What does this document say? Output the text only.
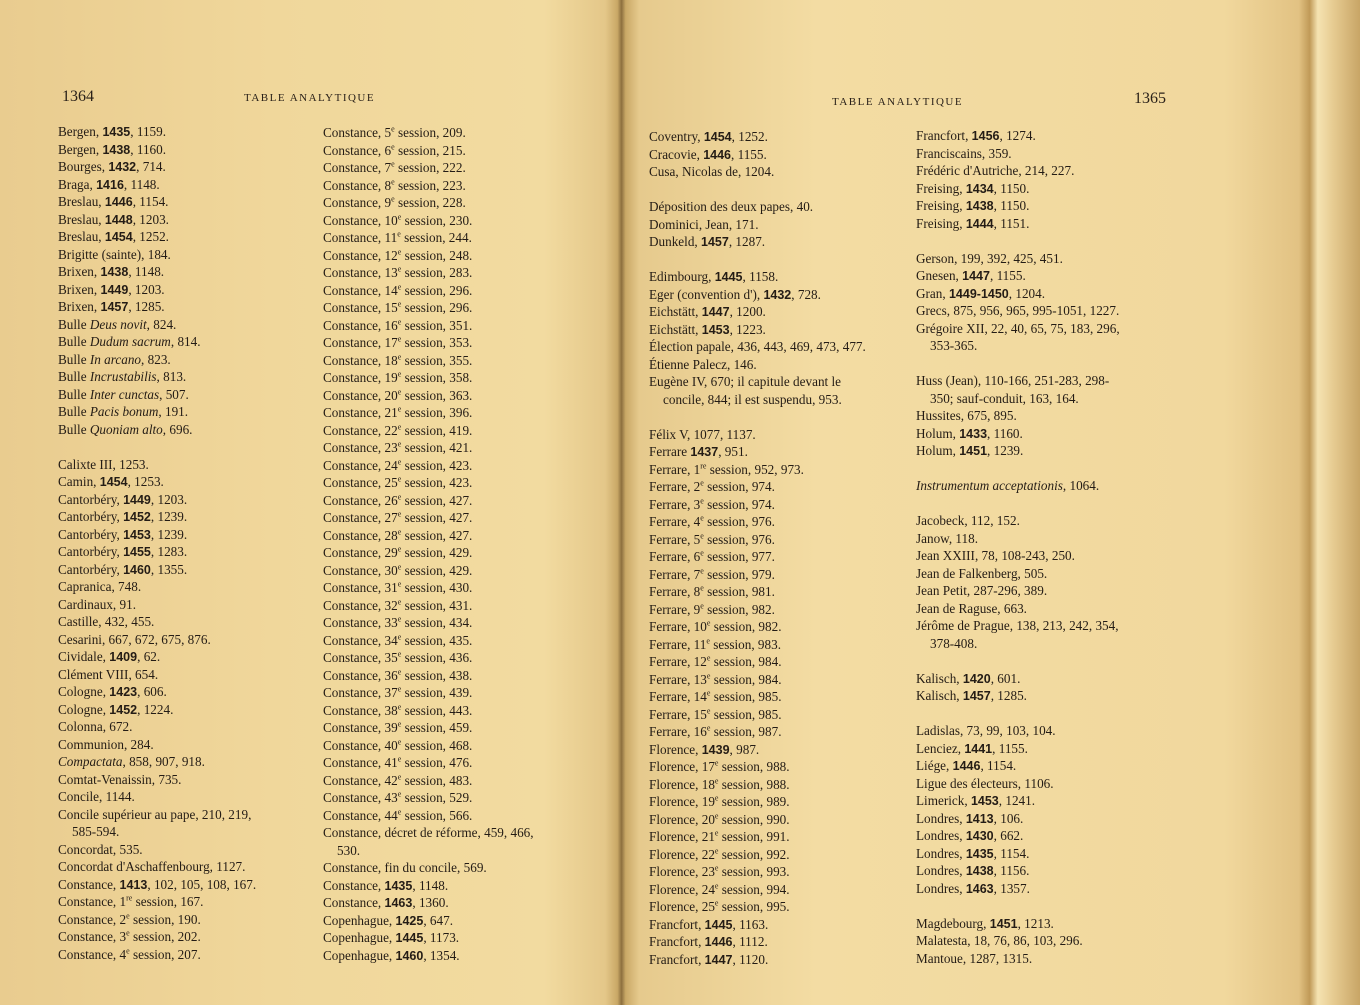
1364	TABLE ANALYTIQUE
Bergen, 1435, 1159.
Bergen, 1438, 1160.
Bourges, 1432, 714.
Braga, 1416, 1148.
Breslau, 1446, 1154.
Breslau, 1448, 1203.
Breslau, 1454, 1252.
Brigitte (sainte), 184.
Brixen, 1438, 1148.
Brixen, 1449, 1203.
Brixen, 1457, 1285.
Bulle Deus novit, 824.
Bulle Dudum sacrum, 814.
Bulle In arcano, 823.
Bulle Incrustabilis, 813.
Bulle Inter cunctas, 507.
Bulle Pacis bonum, 191.
Bulle Quoniam alto, 696.
Calixte III, 1253.
Camin, 1454, 1253.
Cantorbéry, 1449, 1203.
Cantorbéry, 1452, 1239.
Cantorbéry, 1453, 1239.
Cantorbéry, 1455, 1283.
Cantorbéry, 1460, 1355.
Capranica, 748.
Cardinaux, 91.
Castille, 432, 455.
Cesarini, 667, 672, 675, 876.
Cividale, 1409, 62.
Clément VIII, 654.
Cologne, 1423, 606.
Cologne, 1452, 1224.
Colonna, 672.
Communion, 284.
Compactata, 858, 907, 918.
Comtat-Venaissin, 735.
Concile, 1144.
Concile supérieur au pape, 210, 219,
585-594.
Concordat, 535.
Concordat d'Aschaffenbourg, 1127.
Constance, 1413, 102, 105, 108, 167.
Constance, 1re session, 167.
Constance, 2e session, 190.
Constance, 3e session, 202.
Constance, 4e session, 207.
Constance, 5e session, 209.
Constance, 6e session, 215.
Constance, 7e session, 222.
Constance, 8e session, 223.
Constance, 9e session, 228.
Constance, 10e session, 230.
Constance, 11e session, 244.
Constance, 12e session, 248.
Constance, 13e session, 283.
Constance, 14e session, 296.
Constance, 15e session, 296.
Constance, 16e session, 351.
Constance, 17e session, 353.
Constance, 18e session, 355.
Constance, 19e session, 358.
Constance, 20e session, 363.
Constance, 21e session, 396.
Constance, 22e session, 419.
Constance, 23e session, 421.
Constance, 24e session, 423.
Constance, 25e session, 423.
Constance, 26e session, 427.
Constance, 27e session, 427.
Constance, 28e session, 427.
Constance, 29e session, 429.
Constance, 30e session, 429.
Constance, 31e session, 430.
Constance, 32e session, 431.
Constance, 33e session, 434.
Constance, 34e session, 435.
Constance, 35e session, 436.
Constance, 36e session, 438.
Constance, 37e session, 439.
Constance, 38e session, 443.
Constance, 39e session, 459.
Constance, 40e session, 468.
Constance, 41e session, 476.
Constance, 42e session, 483.
Constance, 43e session, 529.
Constance, 44e session, 566.
Constance, décret de réforme, 459, 466,
530.
Constance, fin du concile, 569.
Constance, 1435, 1148.
Constance, 1463, 1360.
Copenhague, 1425, 647.
Copenhague, 1445, 1173.
Copenhague, 1460, 1354.
TABLE ANALYTIQUE	1365
Coventry, 1454, 1252.
Cracovie, 1446, 1155.
Cusa, Nicolas de, 1204.
Déposition des deux papes, 40.
Dominici, Jean, 171.
Dunkeld, 1457, 1287.
Edimbourg, 1445, 1158.
Eger (convention d'), 1432, 728.
Eichstätt, 1447, 1200.
Eichstätt, 1453, 1223.
Élection papale, 436, 443, 469, 473, 477.
Étienne Palecz, 146.
Eugène IV, 670; il capitule devant le
concile, 844; il est suspendu, 953.
Félix V, 1077, 1137.
Ferrare 1437, 951.
Ferrare, 1re session, 952, 973.
Ferrare, 2e session, 974.
Ferrare, 3e session, 974.
Ferrare, 4e session, 976.
Ferrare, 5e session, 976.
Ferrare, 6e session, 977.
Ferrare, 7e session, 979.
Ferrare, 8e session, 981.
Ferrare, 9e session, 982.
Ferrare, 10e session, 982.
Ferrare, 11e session, 983.
Ferrare, 12e session, 984.
Ferrare, 13e session, 984.
Ferrare, 14e session, 985.
Ferrare, 15e session, 985.
Ferrare, 16e session, 987.
Florence, 1439, 987.
Florence, 17e session, 988.
Florence, 18e session, 988.
Florence, 19e session, 989.
Florence, 20e session, 990.
Florence, 21e session, 991.
Florence, 22e session, 992.
Florence, 23e session, 993.
Florence, 24e session, 994.
Florence, 25e session, 995.
Francfort, 1445, 1163.
Francfort, 1446, 1112.
Francfort, 1447, 1120.
Francfort, 1456, 1274.
Franciscains, 359.
Frédéric d'Autriche, 214, 227.
Freising, 1434, 1150.
Freising, 1438, 1150.
Freising, 1444, 1151.
Gerson, 199, 392, 425, 451.
Gnesen, 1447, 1155.
Gran, 1449-1450, 1204.
Grecs, 875, 956, 965, 995-1051, 1227.
Grégoire XII, 22, 40, 65, 75, 183, 296,
353-365.
Huss (Jean), 110-166, 251-283, 298-
350; sauf-conduit, 163, 164.
Hussites, 675, 895.
Holum, 1433, 1160.
Holum, 1451, 1239.
Instrumentum acceptationis, 1064.
Jacobeck, 112, 152.
Janow, 118.
Jean XXIII, 78, 108-243, 250.
Jean de Falkenberg, 505.
Jean Petit, 287-296, 389.
Jean de Raguse, 663.
Jérôme de Prague, 138, 213, 242, 354,
378-408.
Kalisch, 1420, 601.
Kalisch, 1457, 1285.
Ladislas, 73, 99, 103, 104.
Lenciez, 1441, 1155.
Liége, 1446, 1154.
Ligue des électeurs, 1106.
Limerick, 1453, 1241.
Londres, 1413, 106.
Londres, 1430, 662.
Londres, 1435, 1154.
Londres, 1438, 1156.
Londres, 1463, 1357.
Magdebourg, 1451, 1213.
Malatesta, 18, 76, 86, 103, 296.
Mantoue, 1287, 1315.
